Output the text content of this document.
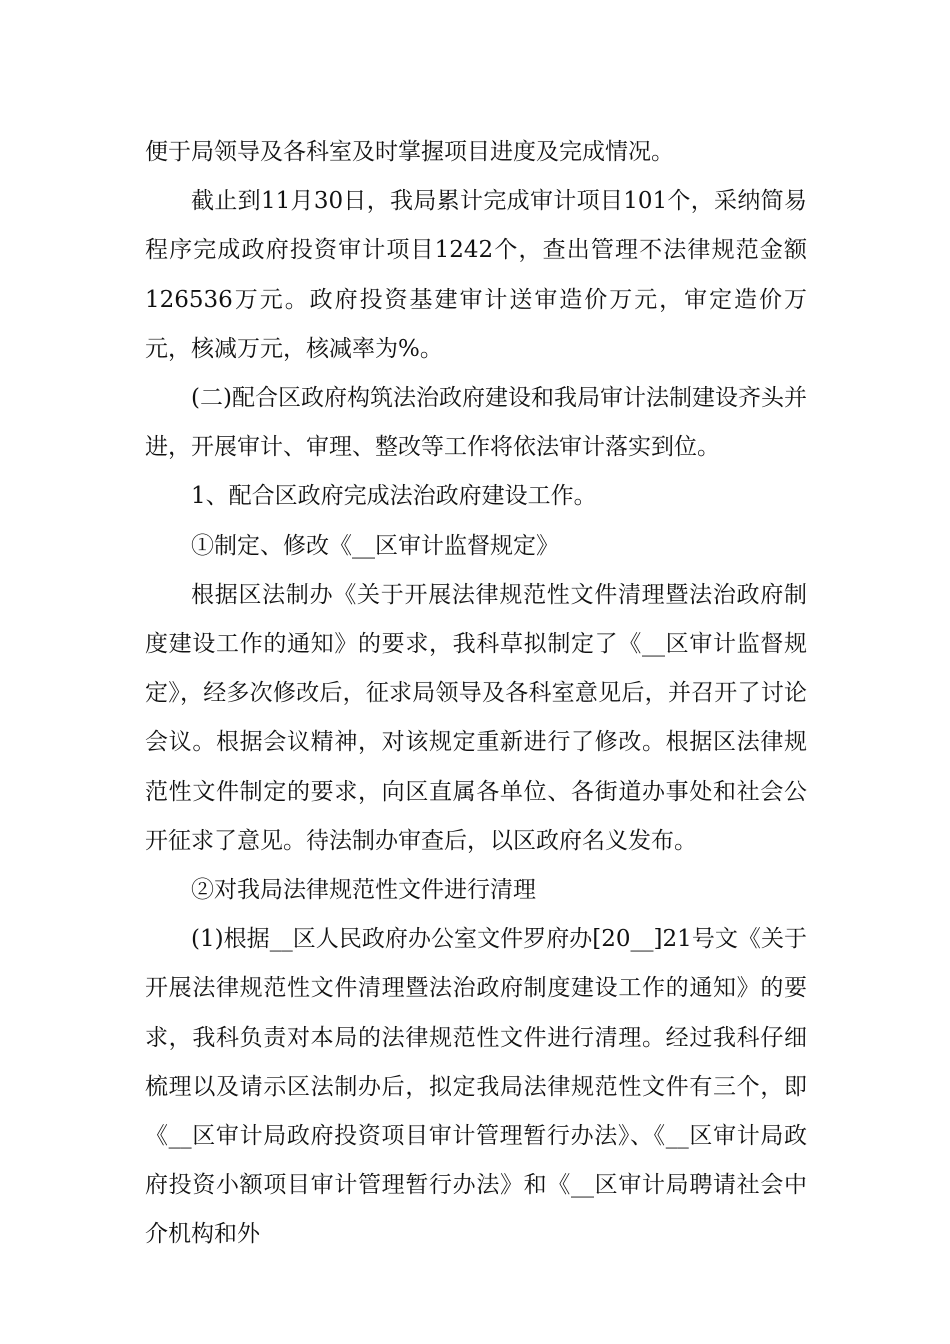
便于局领导及各科室及时掌握项目进度及完成情况。

截止到11月30日，我局累计完成审计项目101个，采纳简易程序完成政府投资审计项目1242个，查出管理不法律规范金额126536万元。政府投资基建审计送审造价万元，审定造价万元，核减万元，核减率为%。

(二)配合区政府构筑法治政府建设和我局审计法制建设齐头并进，开展审计、审理、整改等工作将依法审计落实到位。

1、配合区政府完成法治政府建设工作。

①制定、修改《__区审计监督规定》

根据区法制办《关于开展法律规范性文件清理暨法治政府制度建设工作的通知》的要求，我科草拟制定了《__区审计监督规定》，经多次修改后，征求局领导及各科室意见后，并召开了讨论会议。根据会议精神，对该规定重新进行了修改。根据区法律规范性文件制定的要求，向区直属各单位、各街道办事处和社会公开征求了意见。待法制办审查后，以区政府名义发布。

②对我局法律规范性文件进行清理

(1)根据__区人民政府办公室文件罗府办[20__]21号文《关于开展法律规范性文件清理暨法治政府制度建设工作的通知》的要求，我科负责对本局的法律规范性文件进行清理。经过我科仔细梳理以及请示区法制办后，拟定我局法律规范性文件有三个，即《__区审计局政府投资项目审计管理暂行办法》、《__区审计局政府投资小额项目审计管理暂行办法》和《__区审计局聘请社会中介机构和外
